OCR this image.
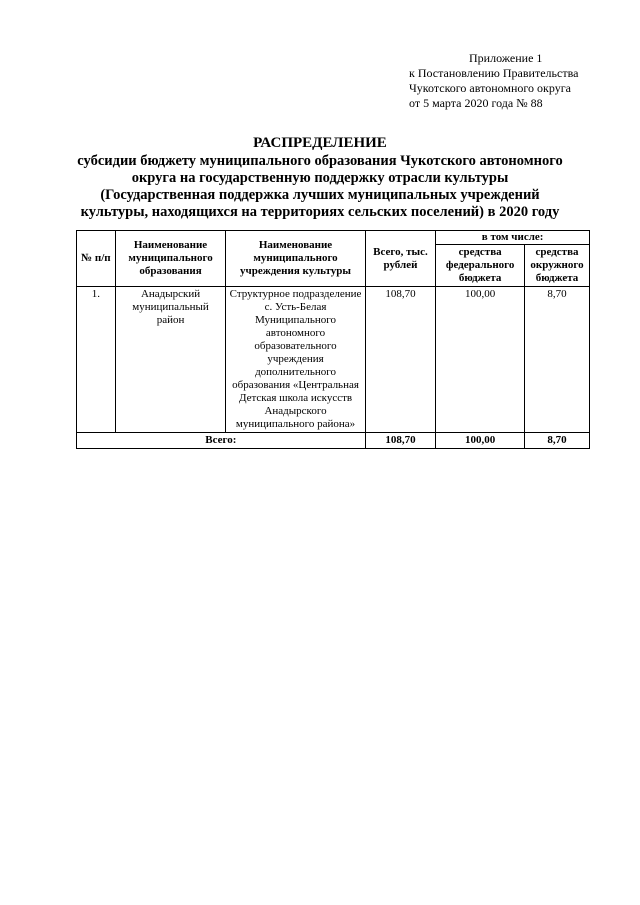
Приложение 1
к Постановлению Правительства
Чукотского автономного округа
от 5 марта 2020 года № 88
РАСПРЕДЕЛЕНИЕ
субсидии бюджету муниципального образования Чукотского автономного
округа на государственную поддержку отрасли культуры
(Государственная поддержка лучших муниципальных учреждений
культуры, находящихся на территориях сельских поселений) в 2020 году
№ п/п	Наименование муниципального образования	Наименование муниципального учреждения культуры	Всего, тыс. рублей	в том числе:	
				средства федерального бюджета	средства окружного бюджета
1.	Анадырский муниципальный район	Структурное подразделение с. Усть-Белая Муниципального автономного образовательного учреждения дополнительного образования «Центральная Детская школа искусств Анадырского муниципального района»	108,70	100,00	8,70
Всего:			108,70	100,00	8,70
